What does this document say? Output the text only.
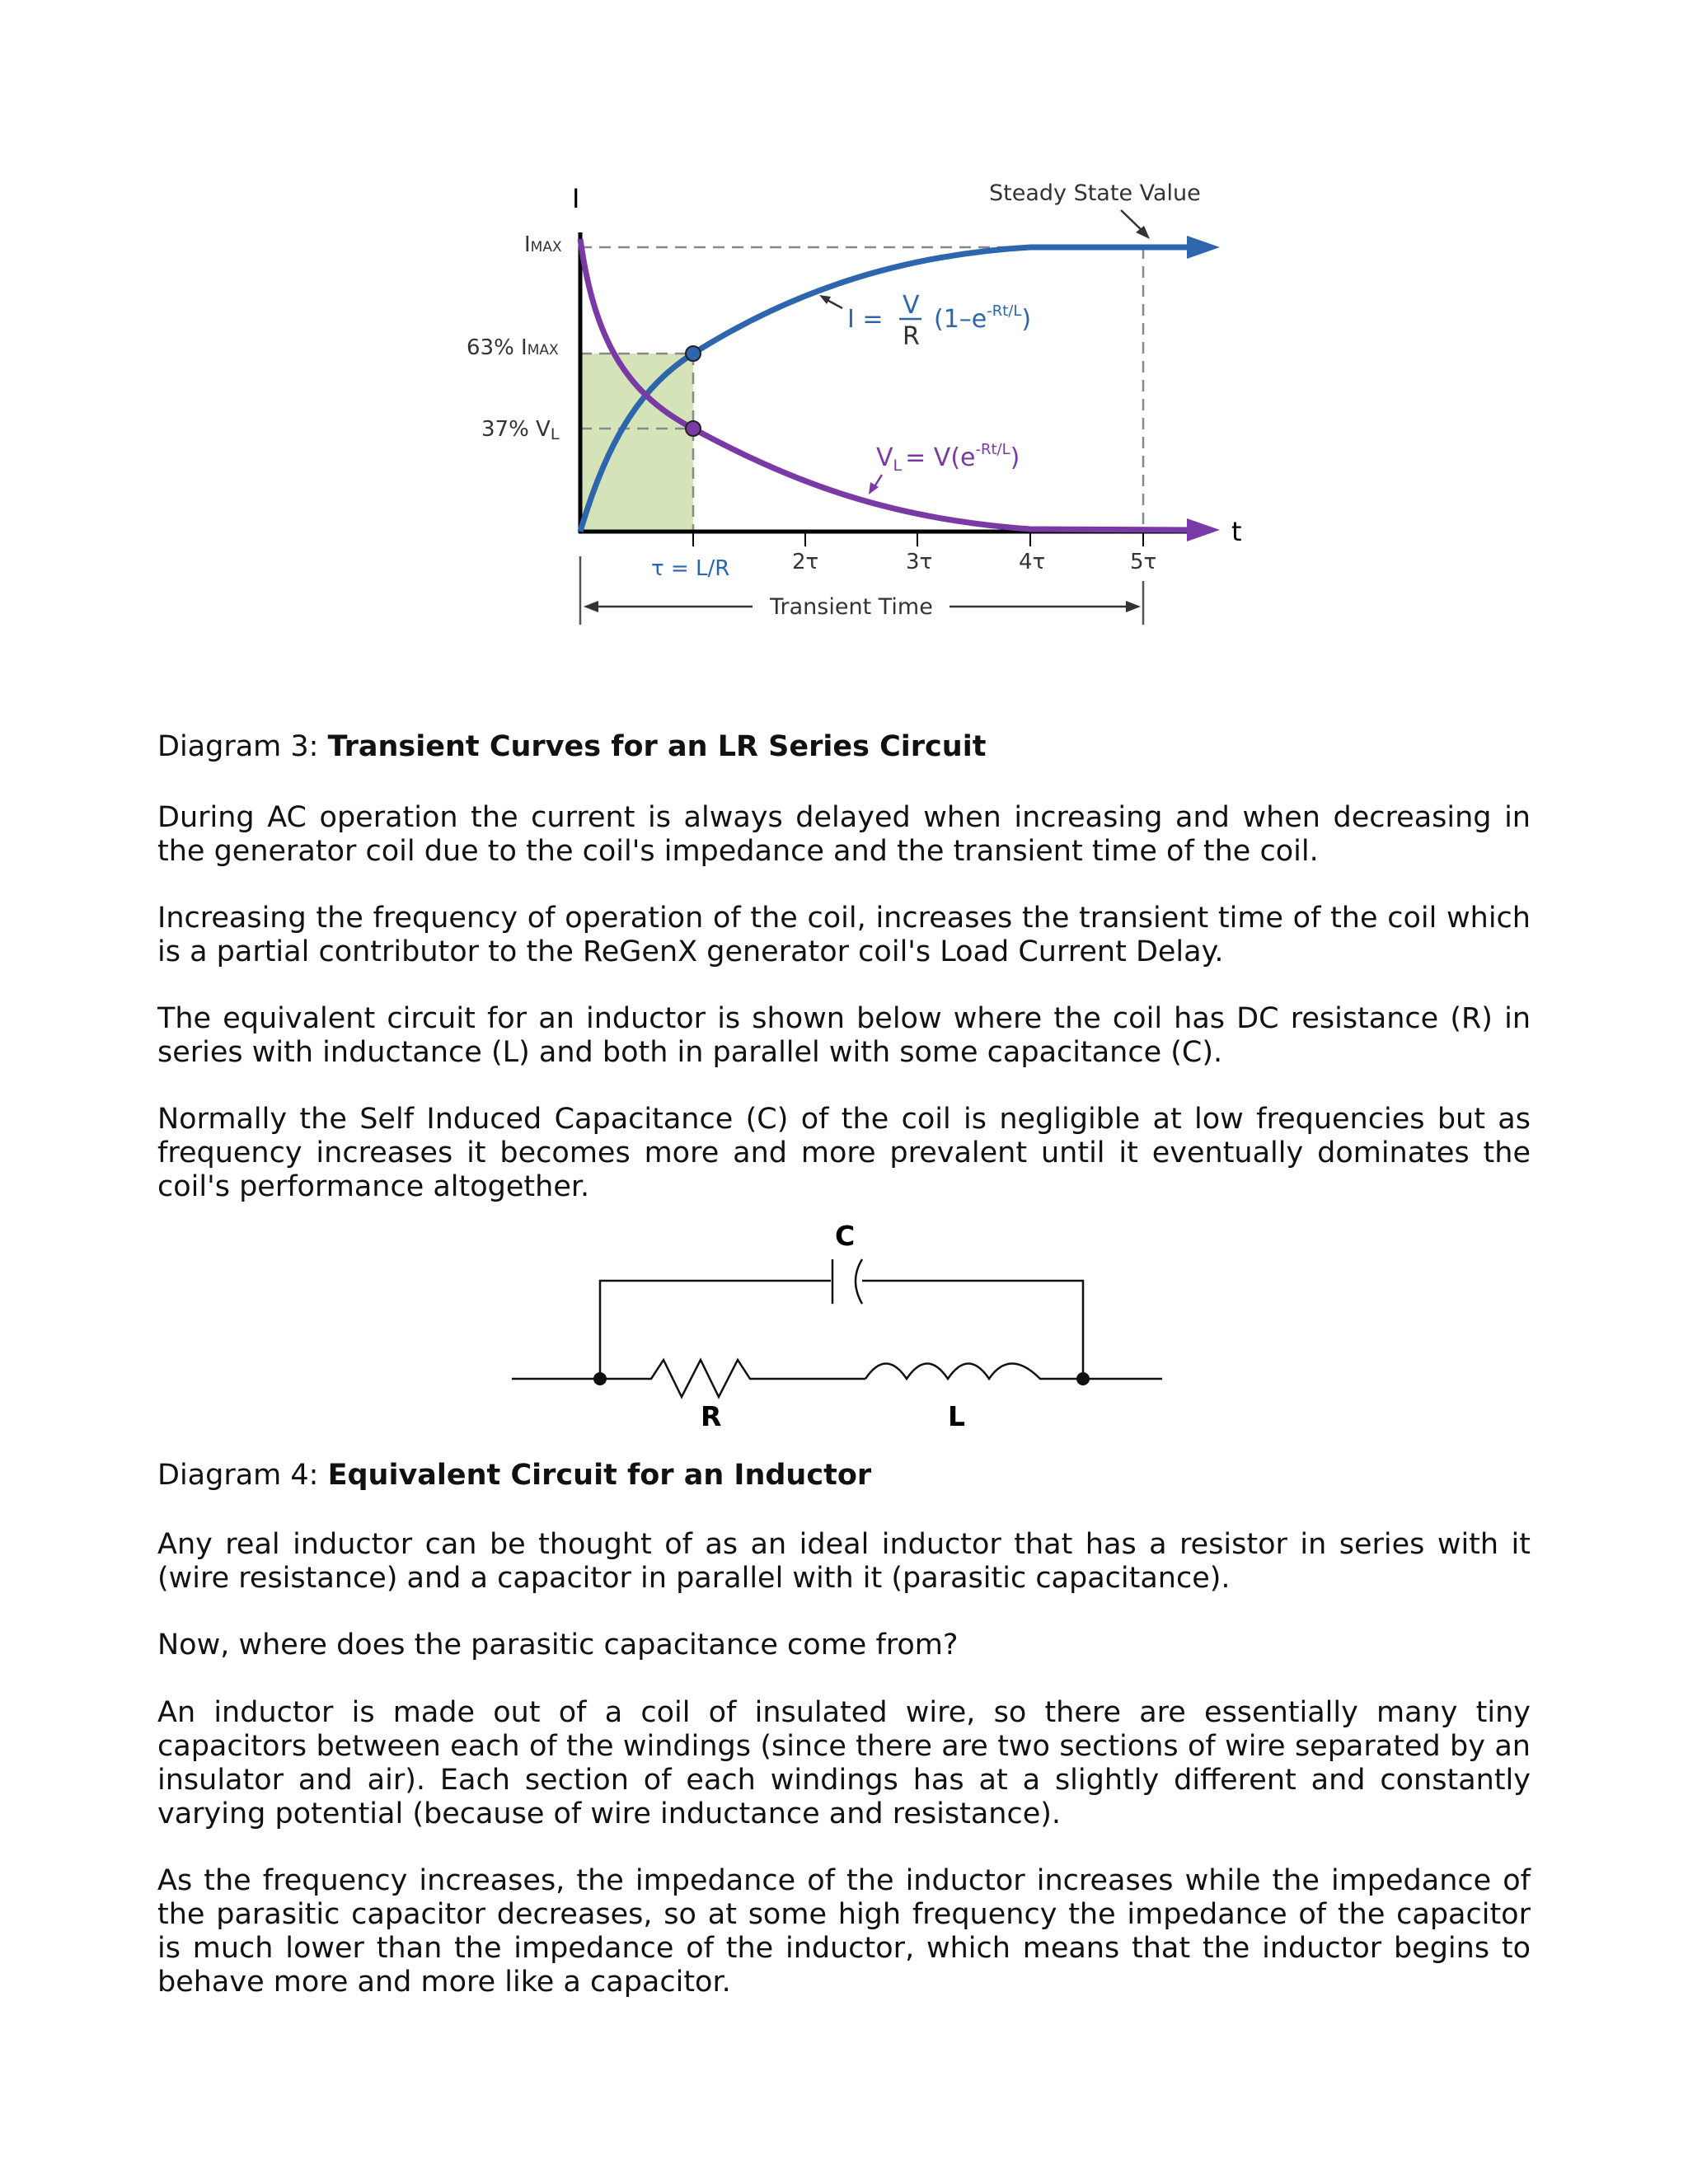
I
t
IMAX
63% IMAX
37% VL
Steady State Value
I = V
R
$(1-e^{-Rt/L})$
$V_L = V(e^{-Rt/L})$
τ = L/R	2τ	3τ	4τ	5τ
Transient Time

Diagram 3: Transient Curves for an LR Series Circuit

During AC operation the current is always delayed when increasing and when decreasing in the generator coil due to the coil's impedance and the transient time of the coil.

Increasing the frequency of operation of the coil, increases the transient time of the coil which is a partial contributor to the ReGenX generator coil's Load Current Delay.

The equivalent circuit for an inductor is shown below where the coil has DC resistance (R) in series with inductance (L) and both in parallel with some capacitance (C).

Normally the Self Induced Capacitance (C) of the coil is negligible at low frequencies but as frequency increases it becomes more and more prevalent until it eventually dominates the coil's performance altogether.

C
R	L

Diagram 4: Equivalent Circuit for an Inductor

Any real inductor can be thought of as an ideal inductor that has a resistor in series with it (wire resistance) and a capacitor in parallel with it (parasitic capacitance).

Now, where does the parasitic capacitance come from?

An inductor is made out of a coil of insulated wire, so there are essentially many tiny capacitors between each of the windings (since there are two sections of wire separated by an insulator and air). Each section of each windings has at a slightly different and constantly varying potential (because of wire inductance and resistance).

As the frequency increases, the impedance of the inductor increases while the impedance of the parasitic capacitor decreases, so at some high frequency the impedance of the capacitor is much lower than the impedance of the inductor, which means that the inductor begins to behave more and more like a capacitor.
